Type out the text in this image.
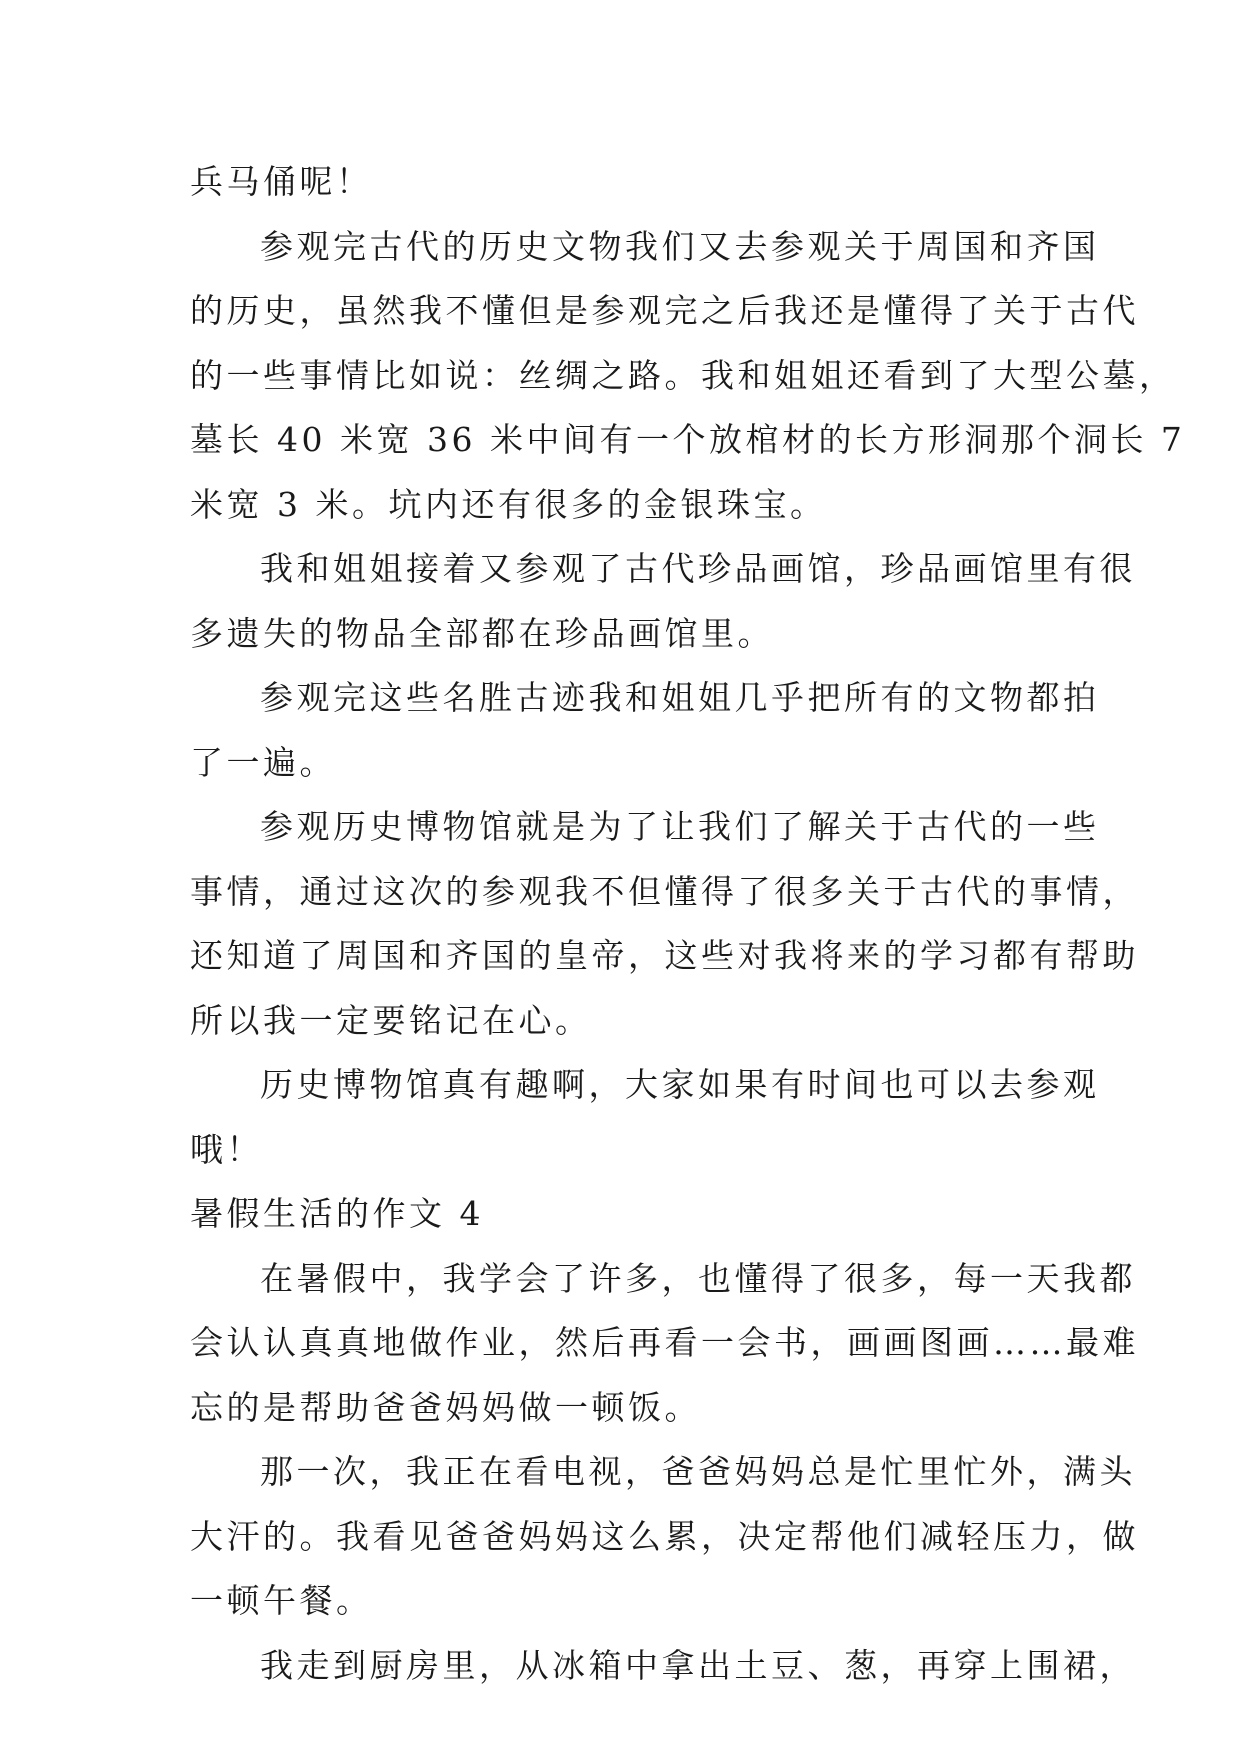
兵马俑呢！
参观完古代的历史文物我们又去参观关于周国和齐国
的历史，虽然我不懂但是参观完之后我还是懂得了关于古代
的一些事情比如说：丝绸之路。我和姐姐还看到了大型公墓，
墓长 40 米宽 36 米中间有一个放棺材的长方形洞那个洞长 7
米宽 3 米。坑内还有很多的金银珠宝。
我和姐姐接着又参观了古代珍品画馆，珍品画馆里有很
多遗失的物品全部都在珍品画馆里。
参观完这些名胜古迹我和姐姐几乎把所有的文物都拍
了一遍。
参观历史博物馆就是为了让我们了解关于古代的一些
事情，通过这次的参观我不但懂得了很多关于古代的事情，
还知道了周国和齐国的皇帝，这些对我将来的学习都有帮助
所以我一定要铭记在心。
历史博物馆真有趣啊，大家如果有时间也可以去参观
哦！
暑假生活的作文 4
在暑假中，我学会了许多，也懂得了很多，每一天我都
会认认真真地做作业，然后再看一会书，画画图画……最难
忘的是帮助爸爸妈妈做一顿饭。
那一次，我正在看电视，爸爸妈妈总是忙里忙外，满头
大汗的。我看见爸爸妈妈这么累，决定帮他们减轻压力，做
一顿午餐。
我走到厨房里，从冰箱中拿出土豆、葱，再穿上围裙，
